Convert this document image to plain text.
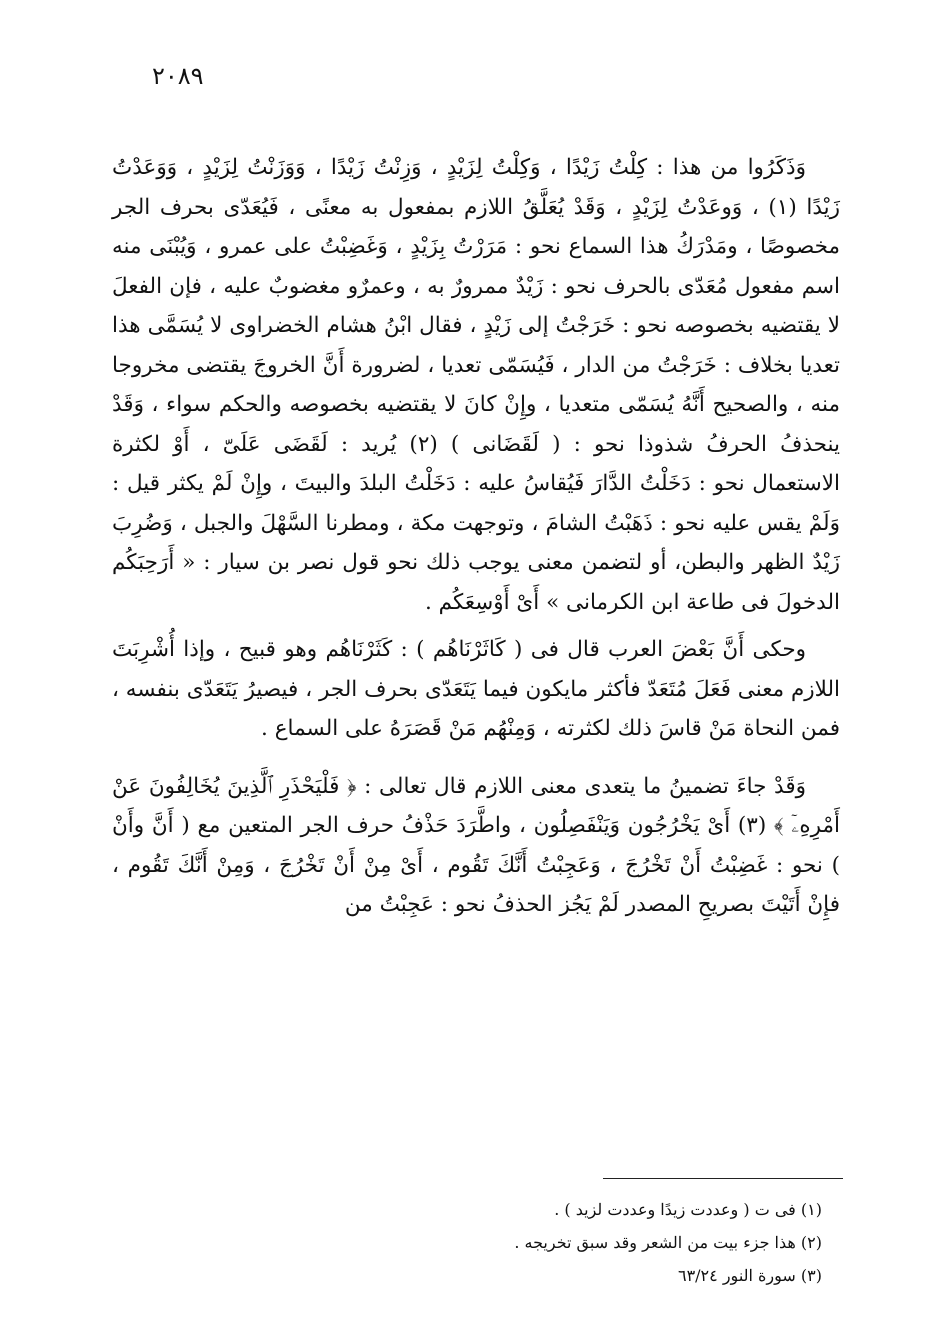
٢٠٨٩

وَذَكَرُوا من هذا : كِلْتُ زَيْدًا ، وَكِلْتُ لِزَيْدٍ ، وَزِنْتُ زَيْدًا ، وَوَزَنْتُ لِزَيْدٍ ، وَوَعَدْتُ زَيْدًا (١) ، وَوعَدْتُ لِزَيْدٍ ، وَقَدْ يُعَلَّقُ اللازم بمفعول به معنًى ، فَيُعَدّى بحرف الجر مخصوصًا ، ومَدْرَكُ هذا السماع نحو : مَرَرْتُ بِزَيْدٍ ، وَغَضِبْتُ على عمرو ، وَيُبْنَى منه اسم مفعول مُعَدّى بالحرف نحو : زَيْدٌ ممرورٌ به ، وعمرٌو مغضوبٌ عليه ، فإن الفعلَ لا يقتضيه بخصوصه نحو : خَرَجْتُ إلى زَيْدٍ ، فقال ابْنُ هشام الخضراوى لا يُسَمَّى هذا تعديا بخلاف : خَرَجْتُ من الدار ، فَيُسَمّى تعديا ، لضرورة أَنَّ الخروجَ يقتضى مخروجا منه ، والصحيح أَنَّهُ يُسَمّى متعديا ، وإِنْ كانَ لا يقتضيه بخصوصه والحكم سواء ، وَقَدْ ينحذفُ الحرفُ شذوذا نحو : ( لَقَضَانى ) (٢) يُريد : لَقَضَى عَلَىّ ، أَوْ لكثرة الاستعمال نحو : دَخَلْتُ الدَّارَ فَيُقاسُ عليه : دَخَلْتُ البلدَ والبيتَ ، وإِنْ لَمْ يكثر قيل : وَلَمْ يقس عليه نحو : ذَهَبْتُ الشامَ ، وتوجهت مكة ، ومطرنا السَّهْلَ والجبل ، وَضُرِبَ زَيْدٌ الظهر والبطن، أو لتضمن معنى يوجب ذلك نحو قول نصر بن سيار : « أَرَحِبَكُم الدخولَ فى طاعة ابن الكرمانى » أَىْ أَوْسِعَكُم .

وحكى أَنَّ بَعْضَ العرب قال فى ( كَاثَرْنَاهُم ) : كَثَرْنَاهُم وهو قبيح ، وإذا أُشْرِبَتَ اللازم معنى فَعَلَ مُتَعَدّ فأكثر مايكون فيما يَتَعَدّى بحرف الجر ، فيصيرُ يَتَعَدّى بنفسه ، فمن النحاة مَنْ قاسَ ذلك لكثرته ، وَمِنْهُم مَنْ قَصَرَهُ على السماع .

وَقَدْ جاءَ تضمينُ ما يتعدى معنى اللازم قال تعالى : ﴿ فَلْيَحْذَرِ ٱلَّذِينَ يُخَالِفُونَ عَنْ أَمْرِهِۦٓ ﴾ (٣) أَىْ يَخْرُجُون وَيَنْفَصِلُون ، واطَّرَدَ حَذْفُ حرف الجر المتعين مع ( أَنَّ وأَنْ ) نحو : غَضِبْتُ أَنْ تَخْرُجَ ، وَعَجِبْتُ أَنَّكَ تَقُوم ، أَىْ مِنْ أَنْ تَخْرُجَ ، وَمِنْ أَنَّكَ تَقُوم ، فإِنْ أَتَيْتَ بصريحِ المصدر لَمْ يَجُز الحذفُ نحو : عَجِبْتُ من

(١) فى ت ( وعددت زيدًا وعددت لزيد ) .
(٢) هذا جزء بيت من الشعر وقد سبق تخريجه .
(٣) سورة النور ٦٣/٢٤
